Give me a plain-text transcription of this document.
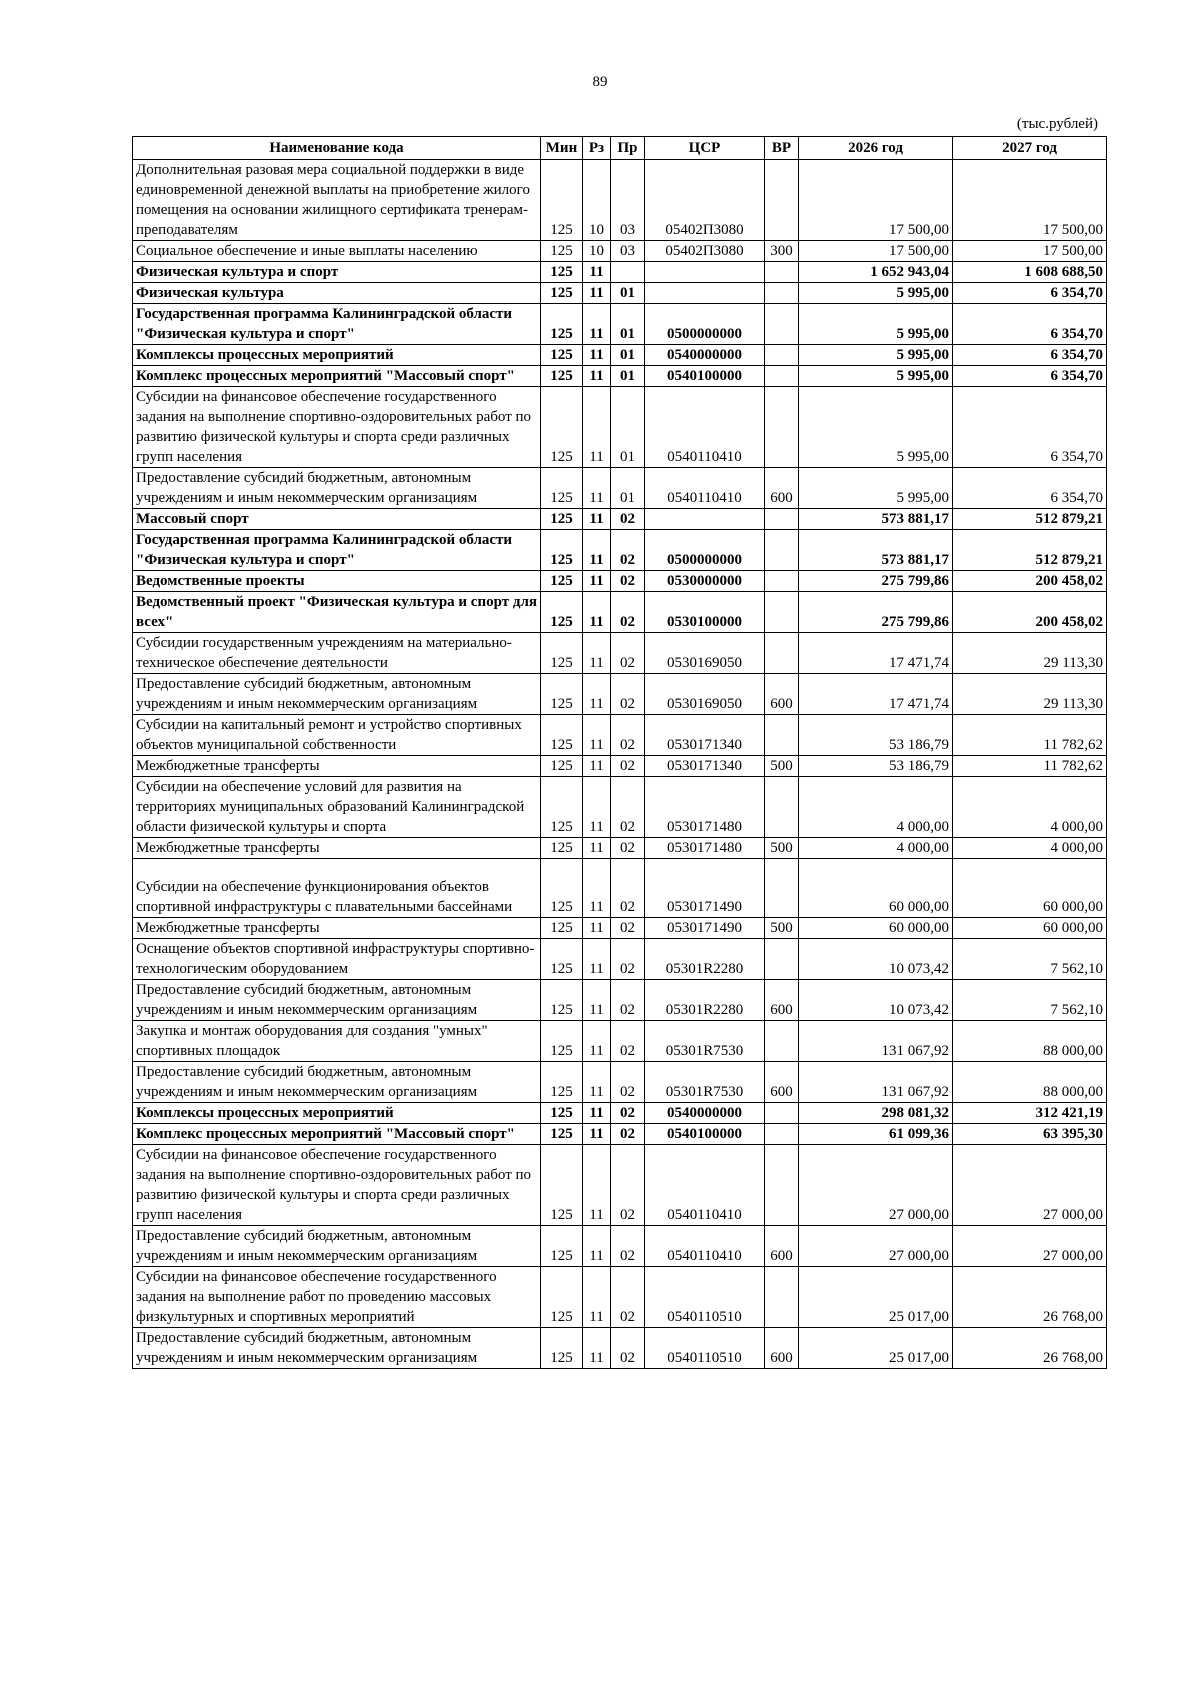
89
(тыс.рублей)
Наименование кода	Мин	Рз	Пр	ЦСР	ВР	2026 год	2027 год
Дополнительная разовая мера социальной поддержки в виде единовременной денежной выплаты на приобретение жилого помещения на основании жилищного сертификата тренерам-преподавателям	125	10	03	05402П3080		17 500,00	17 500,00
Социальное обеспечение и иные выплаты населению	125	10	03	05402П3080	300	17 500,00	17 500,00
Физическая культура и спорт	125	11				1 652 943,04	1 608 688,50
Физическая культура	125	11	01			5 995,00	6 354,70
Государственная программа Калининградской области "Физическая культура и спорт"	125	11	01	0500000000		5 995,00	6 354,70
Комплексы процессных мероприятий	125	11	01	0540000000		5 995,00	6 354,70
Комплекс процессных мероприятий "Массовый спорт"	125	11	01	0540100000		5 995,00	6 354,70
Субсидии на финансовое обеспечение государственного задания на выполнение спортивно-оздоровительных работ по развитию физической культуры и спорта среди различных групп населения	125	11	01	0540110410		5 995,00	6 354,70
Предоставление субсидий бюджетным, автономным учреждениям и иным некоммерческим организациям	125	11	01	0540110410	600	5 995,00	6 354,70
Массовый спорт	125	11	02			573 881,17	512 879,21
Государственная программа Калининградской области "Физическая культура и спорт"	125	11	02	0500000000		573 881,17	512 879,21
Ведомственные проекты	125	11	02	0530000000		275 799,86	200 458,02
Ведомственный проект "Физическая культура и спорт для всех"	125	11	02	0530100000		275 799,86	200 458,02
Субсидии государственным учреждениям на материально-техническое обеспечение деятельности	125	11	02	0530169050		17 471,74	29 113,30
Предоставление субсидий бюджетным, автономным учреждениям и иным некоммерческим организациям	125	11	02	0530169050	600	17 471,74	29 113,30
Субсидии на капитальный ремонт и устройство спортивных объектов муниципальной собственности	125	11	02	0530171340		53 186,79	11 782,62
Межбюджетные трансферты	125	11	02	0530171340	500	53 186,79	11 782,62
Субсидии на обеспечение условий для развития на территориях муниципальных образований Калининградской области физической культуры и спорта	125	11	02	0530171480		4 000,00	4 000,00
Межбюджетные трансферты	125	11	02	0530171480	500	4 000,00	4 000,00
Субсидии на обеспечение функционирования объектов спортивной инфраструктуры с плавательными бассейнами	125	11	02	0530171490		60 000,00	60 000,00
Межбюджетные трансферты	125	11	02	0530171490	500	60 000,00	60 000,00
Оснащение объектов спортивной инфраструктуры спортивно-технологическим оборудованием	125	11	02	05301R2280		10 073,42	7 562,10
Предоставление субсидий бюджетным, автономным учреждениям и иным некоммерческим организациям	125	11	02	05301R2280	600	10 073,42	7 562,10
Закупка и монтаж оборудования для создания "умных" спортивных площадок	125	11	02	05301R7530		131 067,92	88 000,00
Предоставление субсидий бюджетным, автономным учреждениям и иным некоммерческим организациям	125	11	02	05301R7530	600	131 067,92	88 000,00
Комплексы процессных мероприятий	125	11	02	0540000000		298 081,32	312 421,19
Комплекс процессных мероприятий "Массовый спорт"	125	11	02	0540100000		61 099,36	63 395,30
Субсидии на финансовое обеспечение государственного задания на выполнение спортивно-оздоровительных работ по развитию физической культуры и спорта среди различных групп населения	125	11	02	0540110410		27 000,00	27 000,00
Предоставление субсидий бюджетным, автономным учреждениям и иным некоммерческим организациям	125	11	02	0540110410	600	27 000,00	27 000,00
Субсидии на финансовое обеспечение государственного задания на выполнение работ по проведению массовых физкультурных и спортивных мероприятий	125	11	02	0540110510		25 017,00	26 768,00
Предоставление субсидий бюджетным, автономным учреждениям и иным некоммерческим организациям	125	11	02	0540110510	600	25 017,00	26 768,00
